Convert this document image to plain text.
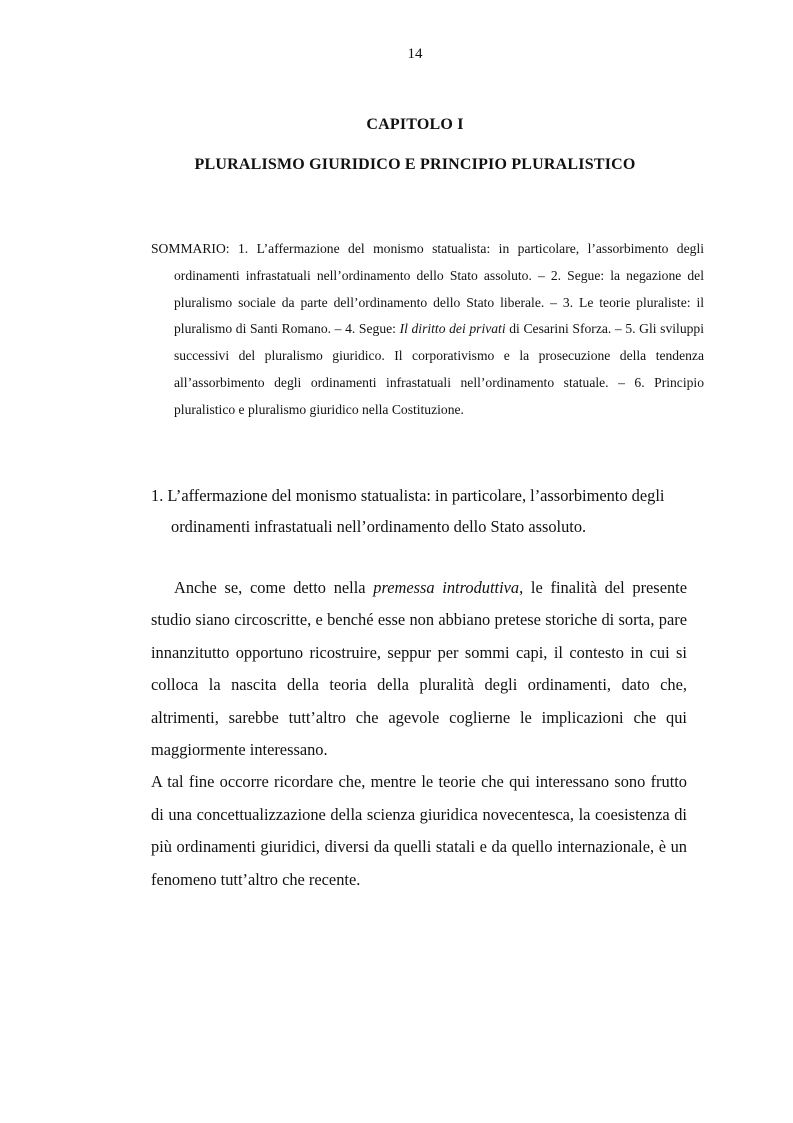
14
CAPITOLO I
PLURALISMO GIURIDICO E PRINCIPIO PLURALISTICO
SOMMARIO: 1. L’affermazione del monismo statualista: in particolare, l’assorbimento degli ordinamenti infrastatuali nell’ordinamento dello Stato assoluto. – 2. Segue: la negazione del pluralismo sociale da parte dell’ordinamento dello Stato liberale. – 3. Le teorie pluraliste: il pluralismo di Santi Romano. – 4. Segue: Il diritto dei privati di Cesarini Sforza. – 5. Gli sviluppi successivi del pluralismo giuridico. Il corporativismo e la prosecuzione della tendenza all’assorbimento degli ordinamenti infrastatuali nell’ordinamento statuale. – 6. Principio pluralistico e pluralismo giuridico nella Costituzione.
1. L’affermazione del monismo statualista: in particolare, l’assorbimento degli ordinamenti infrastatuali nell’ordinamento dello Stato assoluto.

Anche se, come detto nella premessa introduttiva, le finalità del presente studio siano circoscritte, e benché esse non abbiano pretese storiche di sorta, pare innanzitutto opportuno ricostruire, seppur per sommi capi, il contesto in cui si colloca la nascita della teoria della pluralità degli ordinamenti, dato che, altrimenti, sarebbe tutt’altro che agevole coglierne le implicazioni che qui maggiormente interessano.

A tal fine occorre ricordare che, mentre le teorie che qui interessano sono frutto di una concettualizzazione della scienza giuridica novecentesca, la coesistenza di più ordinamenti giuridici, diversi da quelli statali e da quello internazionale, è un fenomeno tutt’altro che recente.
